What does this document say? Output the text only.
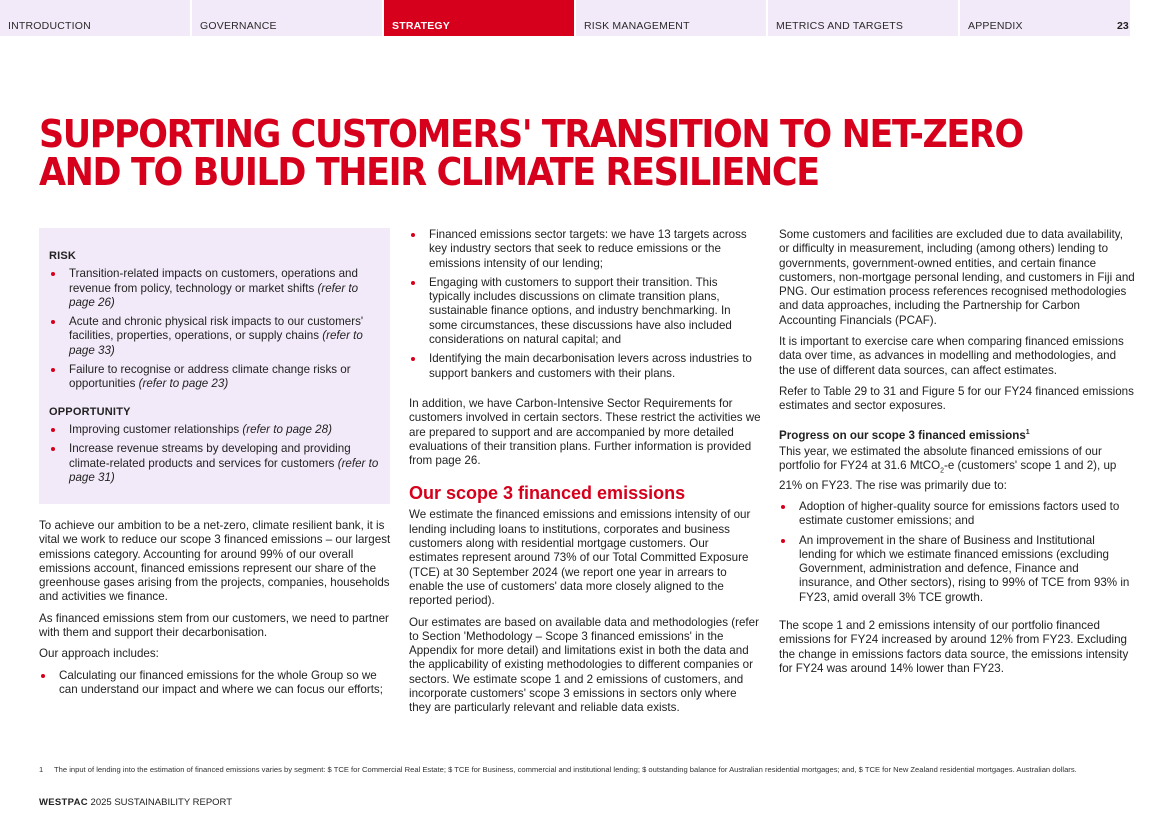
INTRODUCTION	GOVERNANCE	STRATEGY	RISK MANAGEMENT	METRICS AND TARGETS	APPENDIX	23
SUPPORTING CUSTOMERS' TRANSITION TO NET-ZERO AND TO BUILD THEIR CLIMATE RESILIENCE
RISK
Transition-related impacts on customers, operations and revenue from policy, technology or market shifts (refer to page 26)
Acute and chronic physical risk impacts to our customers' facilities, properties, operations, or supply chains (refer to page 33)
Failure to recognise or address climate change risks or opportunities (refer to page 23)
OPPORTUNITY
Improving customer relationships (refer to page 28)
Increase revenue streams by developing and providing climate-related products and services for customers (refer to page 31)

To achieve our ambition to be a net-zero, climate resilient bank, it is vital we work to reduce our scope 3 financed emissions – our largest emissions category. Accounting for around 99% of our overall emissions account, financed emissions represent our share of the greenhouse gases arising from the projects, companies, households and activities we finance.

As financed emissions stem from our customers, we need to partner with them and support their decarbonisation.

Our approach includes:

Calculating our financed emissions for the whole Group so we can understand our impact and where we can focus our efforts;
Financed emissions sector targets: we have 13 targets across key industry sectors that seek to reduce emissions or the emissions intensity of our lending;
Engaging with customers to support their transition. This typically includes discussions on climate transition plans, sustainable finance options, and industry benchmarking. In some circumstances, these discussions have also included considerations on natural capital; and
Identifying the main decarbonisation levers across industries to support bankers and customers with their plans.

In addition, we have Carbon-Intensive Sector Requirements for customers involved in certain sectors. These restrict the activities we are prepared to support and are accompanied by more detailed evaluations of their transition plans. Further information is provided from page 26.

Our scope 3 financed emissions

We estimate the financed emissions and emissions intensity of our lending including loans to institutions, corporates and business customers along with residential mortgage customers. Our estimates represent around 73% of our Total Committed Exposure (TCE) at 30 September 2024 (we report one year in arrears to enable the use of customers' data more closely aligned to the reported period).

Our estimates are based on available data and methodologies (refer to Section 'Methodology – Scope 3 financed emissions' in the Appendix for more detail) and limitations exist in both the data and the applicability of existing methodologies to different companies or sectors. We estimate scope 1 and 2 emissions of customers, and incorporate customers' scope 3 emissions in sectors only where they are particularly relevant and reliable data exists.

Some customers and facilities are excluded due to data availability, or difficulty in measurement, including (among others) lending to governments, government-owned entities, and certain finance customers, non-mortgage personal lending, and customers in Fiji and PNG. Our estimation process references recognised methodologies and data approaches, including the Partnership for Carbon Accounting Financials (PCAF).

It is important to exercise care when comparing financed emissions data over time, as advances in modelling and methodologies, and the use of different data sources, can affect estimates.

Refer to Table 29 to 31 and Figure 5 for our FY24 financed emissions estimates and sector exposures.

Progress on our scope 3 financed emissions$^1$

This year, we estimated the absolute financed emissions of our portfolio for FY24 at 31.6 MtCO$_2$-e (customers' scope 1 and 2), up 21% on FY23. The rise was primarily due to:

Adoption of higher-quality source for emissions factors used to estimate customer emissions; and
An improvement in the share of Business and Institutional lending for which we estimate financed emissions (excluding Government, administration and defence, Finance and insurance, and Other sectors), rising to 99% of TCE from 93% in FY23, amid overall 3% TCE growth.

The scope 1 and 2 emissions intensity of our portfolio financed emissions for FY24 increased by around 12% from FY23. Excluding the change in emissions factors data source, the emissions intensity for FY24 was around 14% lower than FY23.

1 The input of lending into the estimation of financed emissions varies by segment: $ TCE for Commercial Real Estate; $ TCE for Business, commercial and institutional lending; $ outstanding balance for Australian residential mortgages; and, $ TCE for New Zealand residential mortgages. Australian dollars.
WESTPAC 2025 SUSTAINABILITY REPORT
